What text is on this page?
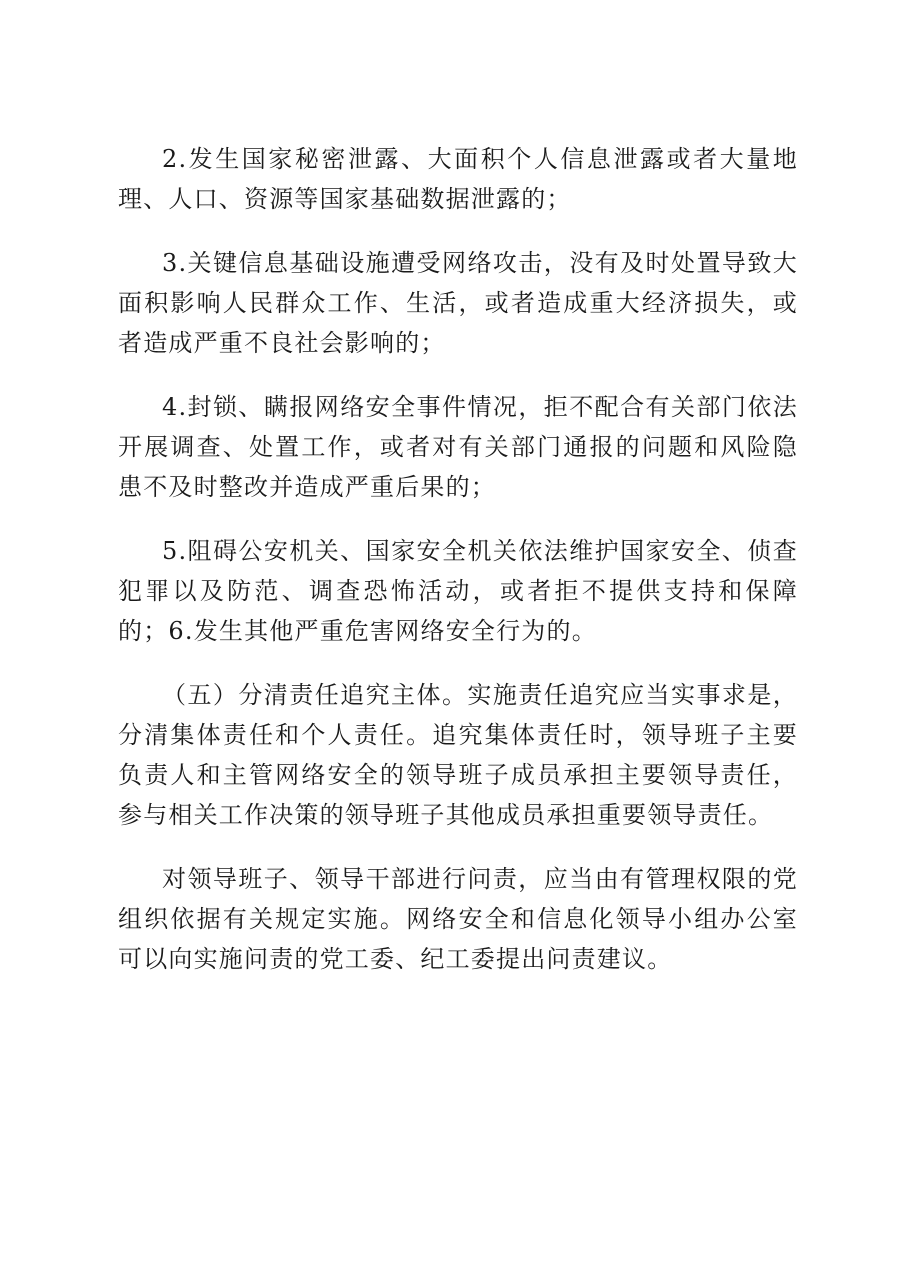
2.发生国家秘密泄露、大面积个人信息泄露或者大量地理、人口、资源等国家基础数据泄露的；

3.关键信息基础设施遭受网络攻击，没有及时处置导致大面积影响人民群众工作、生活，或者造成重大经济损失，或者造成严重不良社会影响的；

4.封锁、瞒报网络安全事件情况，拒不配合有关部门依法开展调查、处置工作，或者对有关部门通报的问题和风险隐患不及时整改并造成严重后果的；

5.阻碍公安机关、国家安全机关依法维护国家安全、侦查犯罪以及防范、调查恐怖活动，或者拒不提供支持和保障的；6.发生其他严重危害网络安全行为的。

（五）分清责任追究主体。实施责任追究应当实事求是，分清集体责任和个人责任。追究集体责任时，领导班子主要负责人和主管网络安全的领导班子成员承担主要领导责任，参与相关工作决策的领导班子其他成员承担重要领导责任。

对领导班子、领导干部进行问责，应当由有管理权限的党组织依据有关规定实施。网络安全和信息化领导小组办公室可以向实施问责的党工委、纪工委提出问责建议。
